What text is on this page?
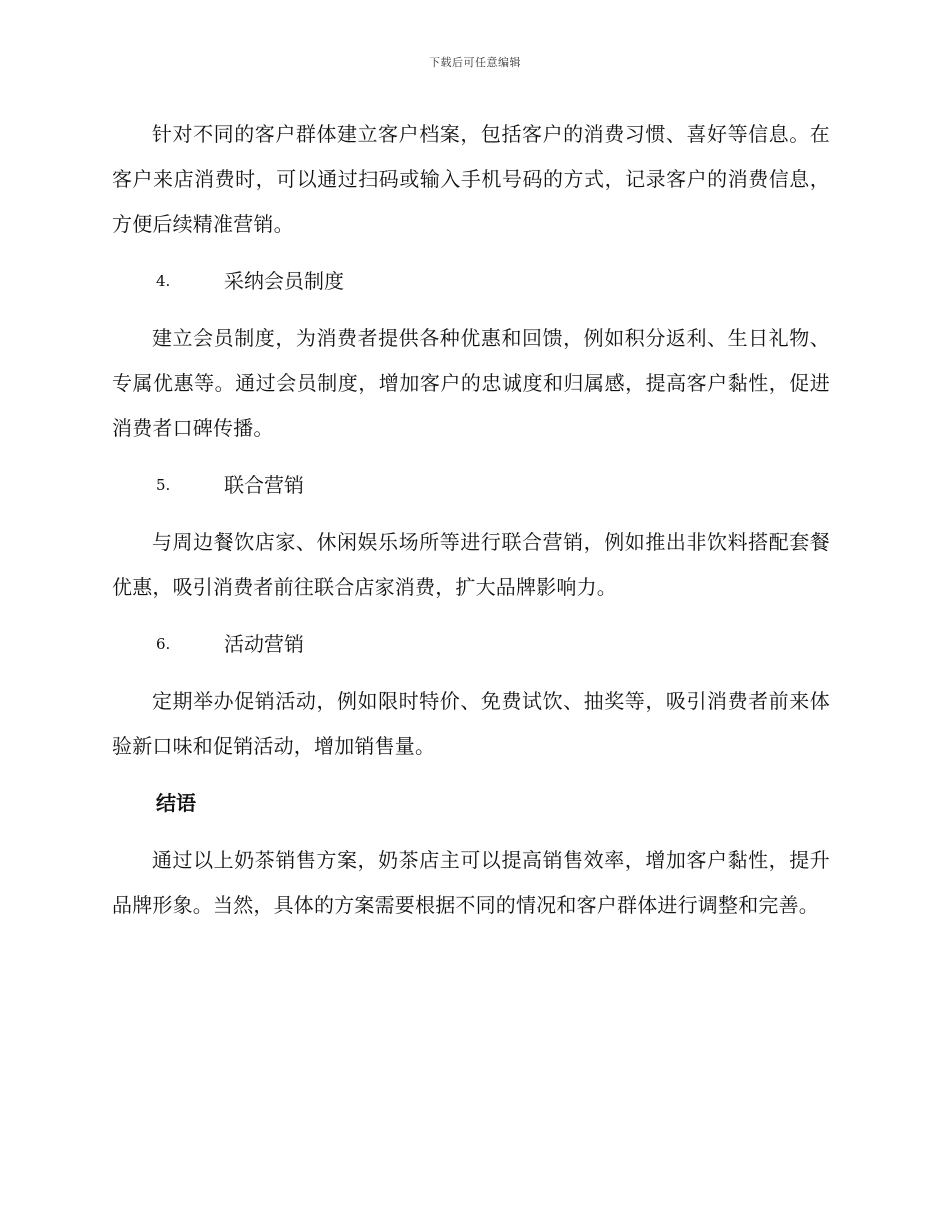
下载后可任意编辑

针对不同的客户群体建立客户档案，包括客户的消费习惯、喜好等信息。在客户来店消费时，可以通过扫码或输入手机号码的方式，记录客户的消费信息，方便后续精准营销。

4.	采纳会员制度

建立会员制度，为消费者提供各种优惠和回馈，例如积分返利、生日礼物、专属优惠等。通过会员制度，增加客户的忠诚度和归属感，提高客户黏性，促进消费者口碑传播。

5.	联合营销

与周边餐饮店家、休闲娱乐场所等进行联合营销，例如推出非饮料搭配套餐优惠，吸引消费者前往联合店家消费，扩大品牌影响力。

6.	活动营销

定期举办促销活动，例如限时特价、免费试饮、抽奖等，吸引消费者前来体验新口味和促销活动，增加销售量。

结语

通过以上奶茶销售方案，奶茶店主可以提高销售效率，增加客户黏性，提升品牌形象。当然，具体的方案需要根据不同的情况和客户群体进行调整和完善。
